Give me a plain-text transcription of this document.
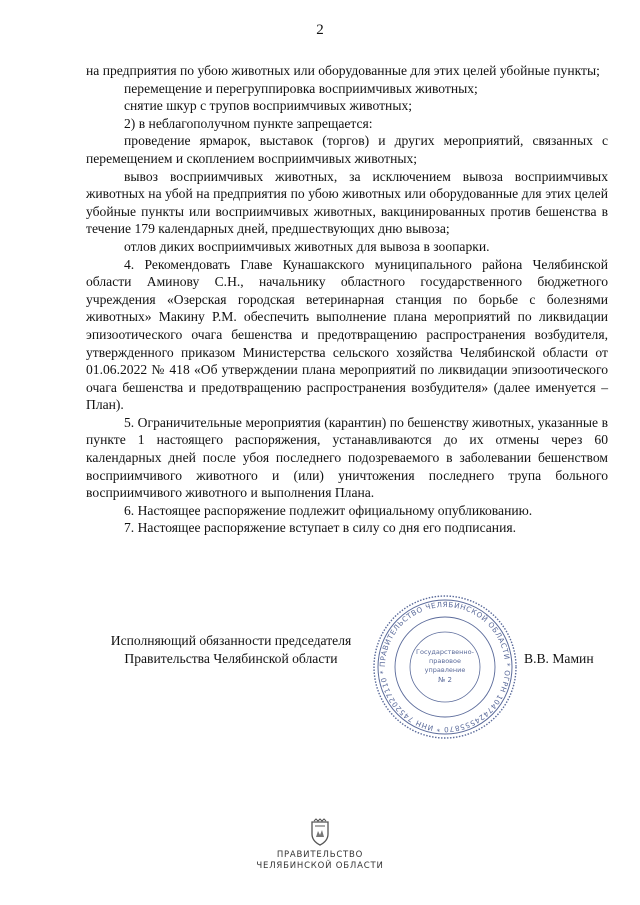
2

на предприятия по убою животных или оборудованные для этих целей убойные пункты;

перемещение и перегруппировка восприимчивых животных;

снятие шкур с трупов восприимчивых животных;

2) в неблагополучном пункте запрещается:

проведение ярмарок, выставок (торгов) и других мероприятий, связанных с перемещением и скоплением восприимчивых животных;

вывоз восприимчивых животных, за исключением вывоза восприимчивых животных на убой на предприятия по убою животных или оборудованные для этих целей убойные пункты или восприимчивых животных, вакцинированных против бешенства в течение 179 календарных дней, предшествующих дню вывоза;

отлов диких восприимчивых животных для вывоза в зоопарки.

4. Рекомендовать Главе Кунашакского муниципального района Челябинской области Аминову С.Н., начальнику областного государственного бюджетного учреждения «Озерская городская ветеринарная станция по борьбе с болезнями животных» Макину Р.М. обеспечить выполнение плана мероприятий по ликвидации эпизоотического очага бешенства и предотвращению распространения возбудителя, утвержденного приказом Министерства сельского хозяйства Челябинской области от 01.06.2022 № 418 «Об утверждении плана мероприятий по ликвидации эпизоотического очага бешенства и предотвращению распространения возбудителя» (далее именуется – План).

5. Ограничительные мероприятия (карантин) по бешенству животных, указанные в пункте 1 настоящего распоряжения, устанавливаются до их отмены через 60 календарных дней после убоя последнего подозреваемого в заболевании бешенством восприимчивого животного и (или) уничтожения последнего трупа больного восприимчивого животного и выполнения Плана.

6. Настоящее распоряжение подлежит официальному опубликованию.

7. Настоящее распоряжение вступает в силу со дня его подписания.

Исполняющий обязанности председателя
Правительства Челябинской области	ПРАВИТЕЛЬСТВО ЧЕЛЯБИНСКОЙ ОБЛАСТИ * ОГРН 1047424555870 * ИНН 7452027110 *
Государственно-
правовое
управление
№ 2
В.В. Мамин
ПРАВИТЕЛЬСТВО
ЧЕЛЯБИНСКОЙ ОБЛАСТИ
